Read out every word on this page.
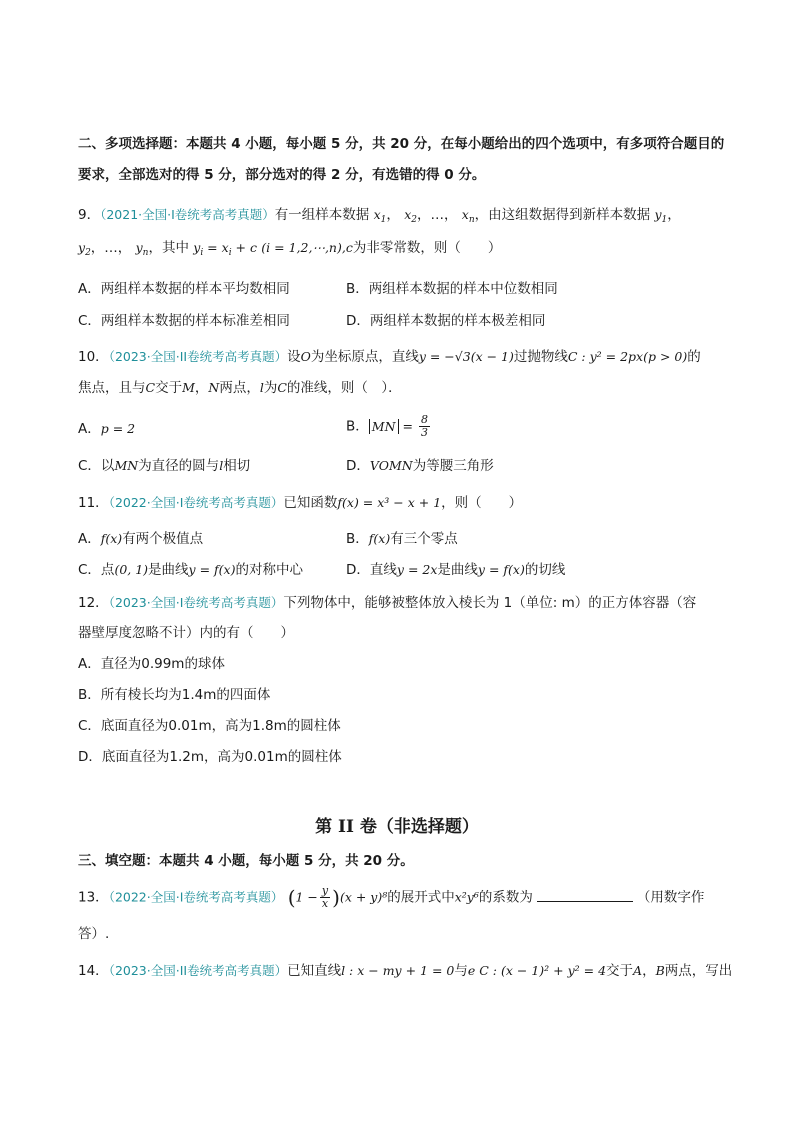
二、多项选择题：本题共 4 小题，每小题 5 分，共 20 分，在每小题给出的四个选项中，有多项符合题目的
要求，全部选对的得 5 分，部分选对的得 2 分，有选错的得 0 分。
9．（2021·全国·I卷统考高考真题）有一组样本数据 $x_1$， $x_2$，…， $x_n$，由这组数据得到新样本数据 $y_1$，
$y_2$，…， $y_n$，其中 $y_i = x_i + c$ (i = 1,2,⋯,n),c为非零常数，则（　　）
A．两组样本数据的样本平均数相同	B．两组样本数据的样本中位数相同
C．两组样本数据的样本标准差相同	D．两组样本数据的样本极差相同
10．（2023·全国·II卷统考高考真题）设O为坐标原点，直线y = −√3(x − 1)过抛物线C : y² = 2px(p > 0)的
焦点，且与C交于M，N两点，l为C的准线，则（　）．
A．p = 2	B． MN = $\frac{8}{3}$
C．以MN为直径的圆与l相切	D．VOMN为等腰三角形
11．（2022·全国·I卷统考高考真题）已知函数f(x) = x³ − x + 1，则（　　）
A．f(x)有两个极值点	B．f(x)有三个零点
C．点(0, 1)是曲线y = f(x)的对称中心	D．直线y = 2x是曲线y = f(x)的切线
12．（2023·全国·I卷统考高考真题）下列物体中，能够被整体放入棱长为 1（单位: m）的正方体容器（容
器壁厚度忽略不计）内的有（　　）
A．直径为0.99m的球体
B．所有棱长均为1.4m的四面体
C．底面直径为0.01m，高为1.8m的圆柱体
D．底面直径为1.2m，高为0.01m的圆柱体
第 II 卷（非选择题）
三、填空题：本题共 4 小题，每小题 5 分，共 20 分。
13．（2022·全国·I卷统考高考真题） $(1 - \frac{y}{x} )(x + y)^8$的展开式中x²y⁶的系数为	（用数字作
答）.
14．（2023·全国·II卷统考高考真题）已知直线l : x − my + 1 = 0与e C : (x − 1)² + y² = 4交于A，B两点，写出
